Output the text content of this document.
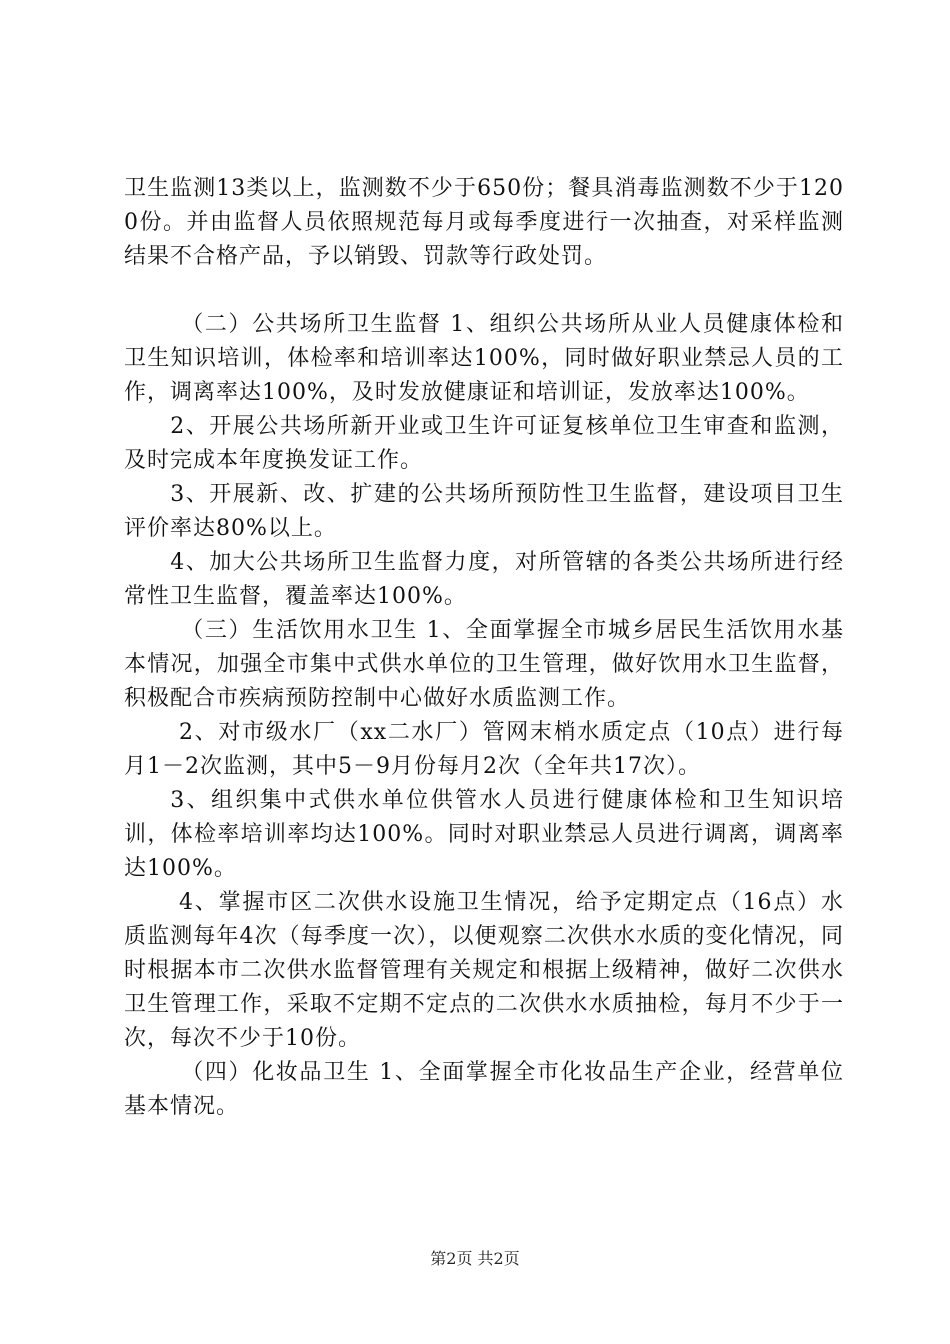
卫生监测13类以上，监测数不少于650份；餐具消毒监测数不少于1200份。并由监督人员依照规范每月或每季度进行一次抽查，对采样监测结果不合格产品，予以销毁、罚款等行政处罚。

（二）公共场所卫生监督 1、组织公共场所从业人员健康体检和卫生知识培训，体检率和培训率达100%，同时做好职业禁忌人员的工作，调离率达100%，及时发放健康证和培训证，发放率达100%。

2、开展公共场所新开业或卫生许可证复核单位卫生审查和监测，及时完成本年度换发证工作。

3、开展新、改、扩建的公共场所预防性卫生监督，建设项目卫生评价率达80%以上。

4、加大公共场所卫生监督力度，对所管辖的各类公共场所进行经常性卫生监督，覆盖率达100%。

（三）生活饮用水卫生 1、全面掌握全市城乡居民生活饮用水基本情况，加强全市集中式供水单位的卫生管理，做好饮用水卫生监督，积极配合市疾病预防控制中心做好水质监测工作。

2、对市级水厂（xx二水厂）管网末梢水质定点（10点）进行每月1－2次监测，其中5－9月份每月2次（全年共17次）。

3、组织集中式供水单位供管水人员进行健康体检和卫生知识培训，体检率培训率均达100%。同时对职业禁忌人员进行调离，调离率达100%。

4、掌握市区二次供水设施卫生情况，给予定期定点（16点）水质监测每年4次（每季度一次），以便观察二次供水水质的变化情况，同时根据本市二次供水监督管理有关规定和根据上级精神，做好二次供水卫生管理工作，采取不定期不定点的二次供水水质抽检，每月不少于一次，每次不少于10份。

（四）化妆品卫生 1、全面掌握全市化妆品生产企业，经营单位基本情况。

第2页 共2页
